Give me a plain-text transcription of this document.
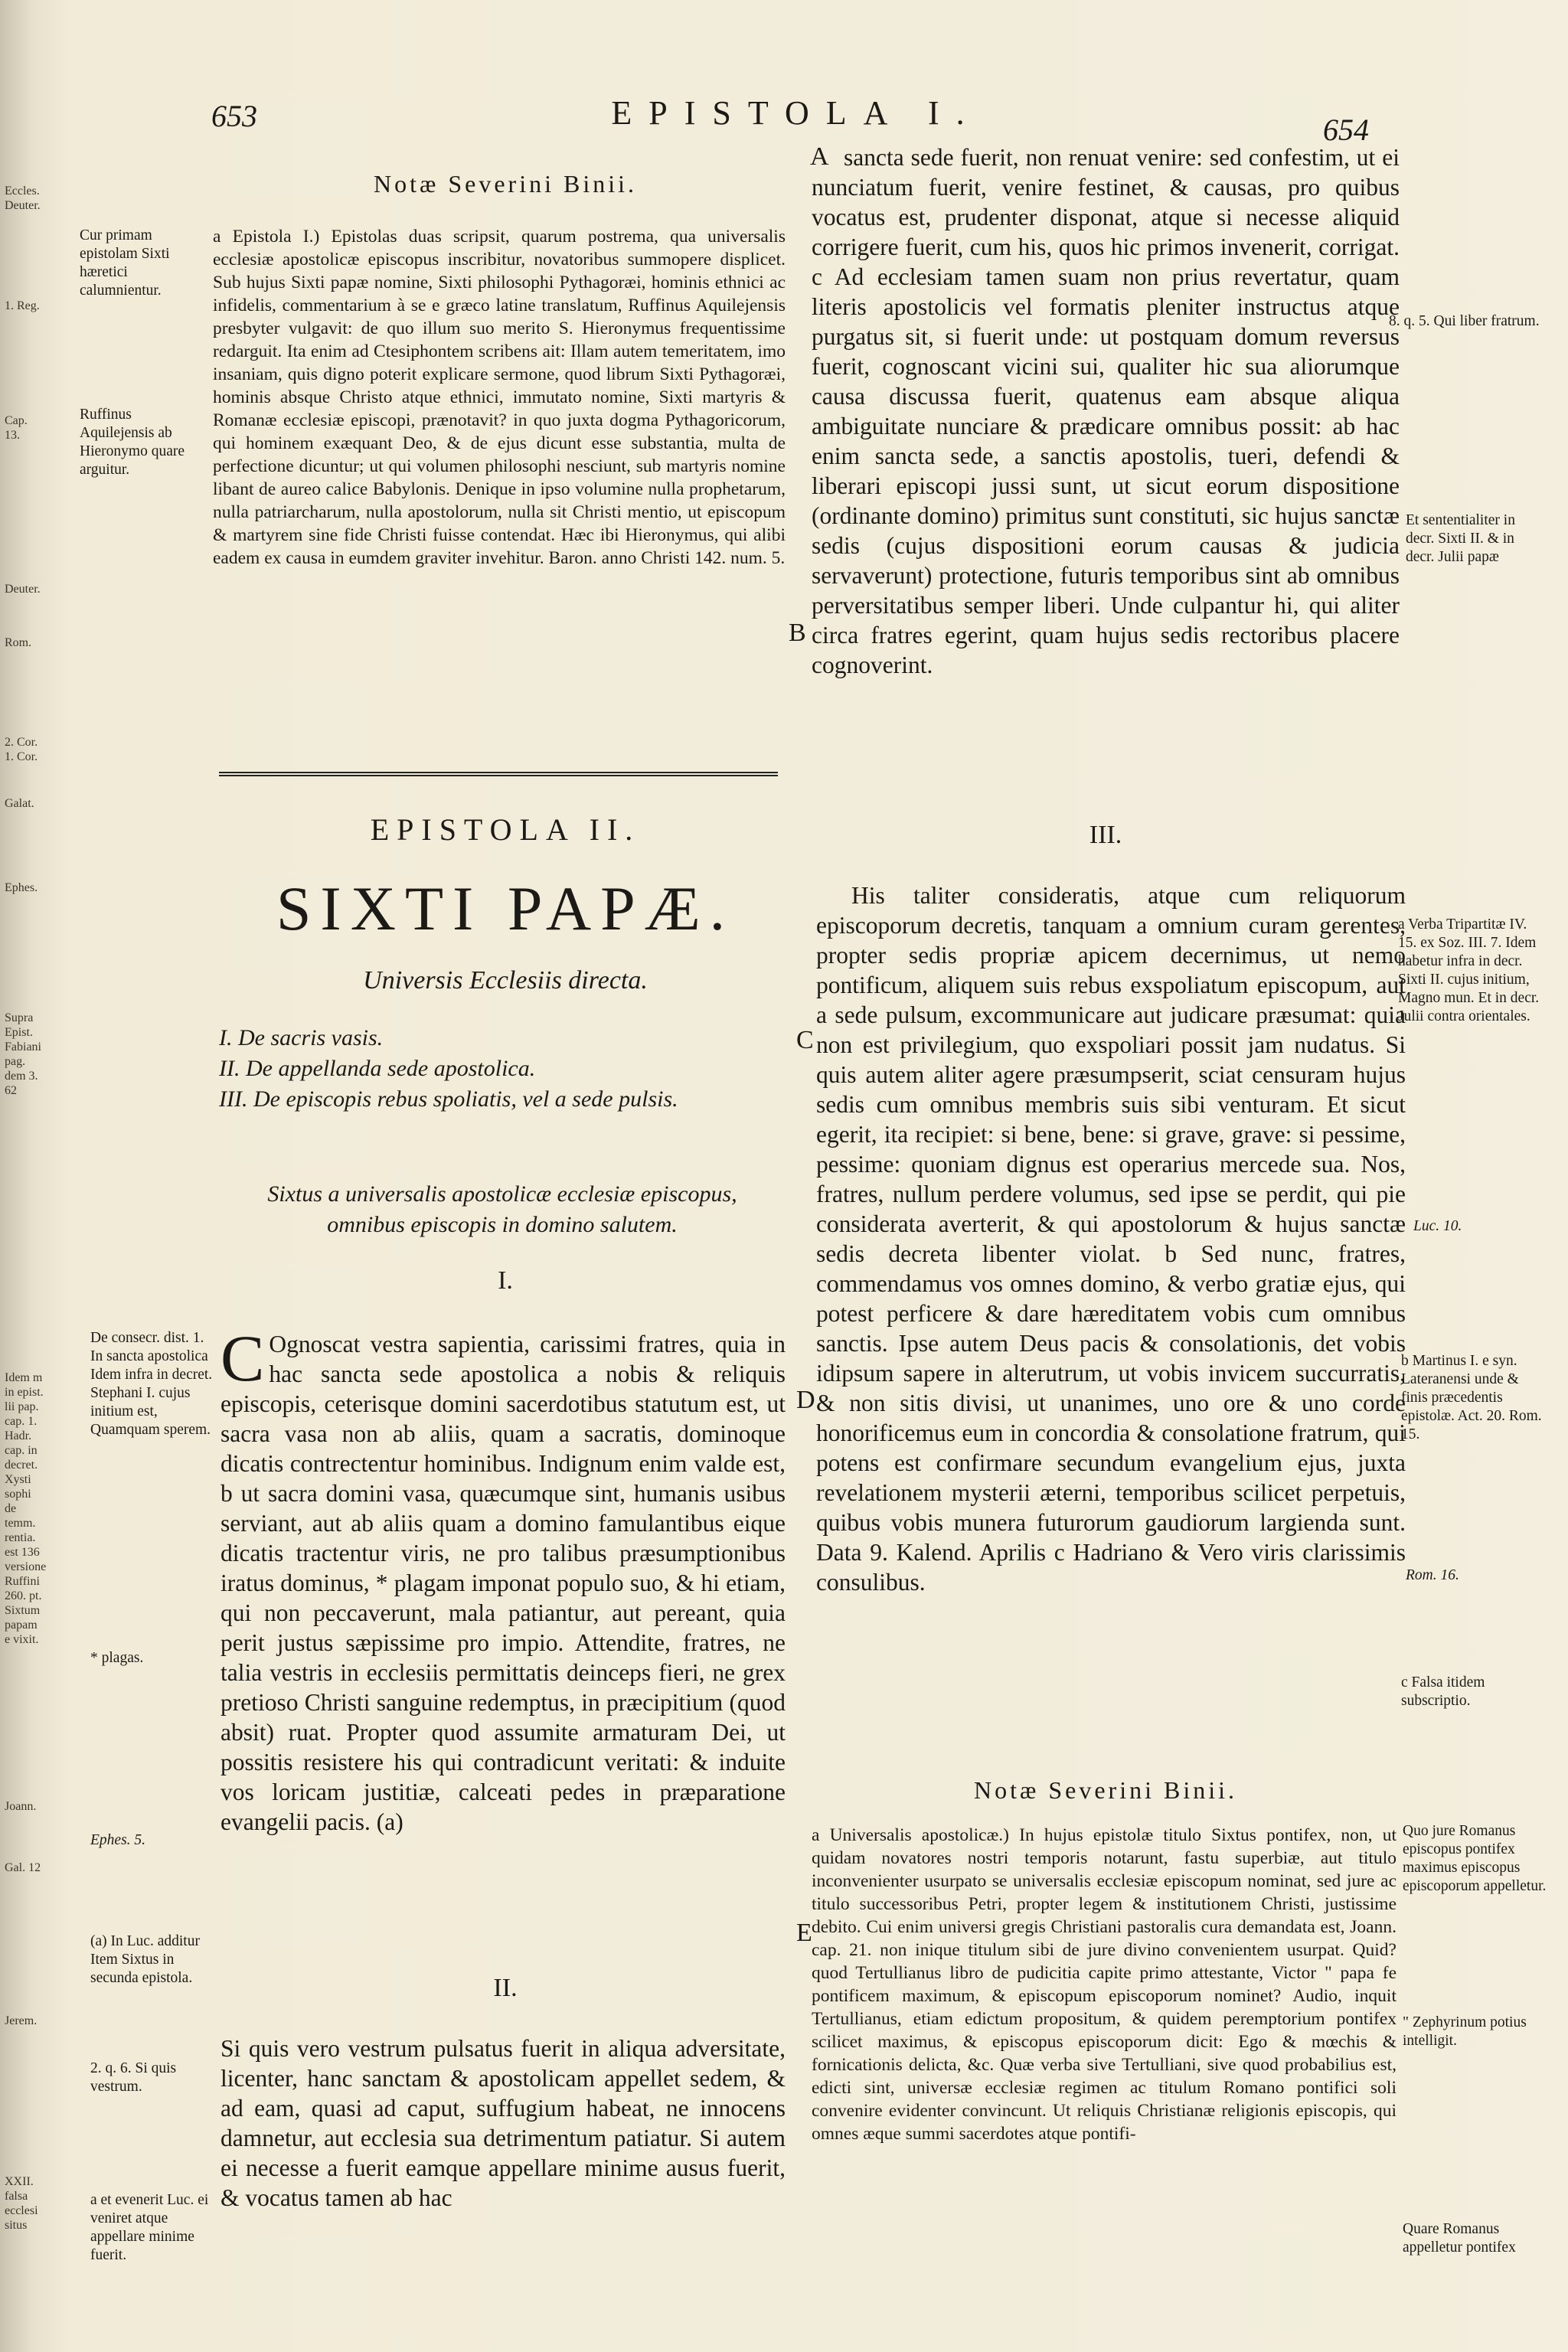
653	EPISTOLA I.	654
Eccles. Deuter.
1. Reg.
Cap. 13.
Deuter.
Rom.
2. Cor. 1. Cor.
Galat.
Ephes.
Supra Epist. Fabiani pag. dem 3. 62
Idem m in epist. lii pap. cap. 1. Hadr. cap. in decret. Xysti sophi de temm. rentia. est 136 versione Ruffini 260. pt. Sixtum papam e vixit.
Joann.
Gal. 12
Jerem.
XXII. falsa ecclesi situs
Notæ Severini Binii.
Cur primam epistolam Sixti hæretici calumnientur.
Ruffinus Aquilejensis ab Hieronymo quare arguitur.
a Epistola I.) Epistolas duas scripsit, quarum postrema, qua universalis ecclesiæ apostolicæ episcopus inscribitur, novatoribus summopere displicet. Sub hujus Sixti papæ nomine, Sixti philosophi Pythagoræi, hominis ethnici ac infidelis, commentarium à se e græco latine translatum, Ruffinus Aquilejensis presbyter vulgavit: de quo illum suo merito S. Hieronymus frequentissime redarguit. Ita enim ad Ctesiphontem scribens ait: Illam autem temeritatem, imo insaniam, quis digno poterit explicare sermone, quod librum Sixti Pythagoræi, hominis absque Christo atque ethnici, immutato nomine, Sixti martyris & Romanæ ecclesiæ episcopi, prænotavit? in quo juxta dogma Pythagoricorum, qui hominem exæquant Deo, & de ejus dicunt esse substantia, multa de perfectione dicuntur; ut qui volumen philosophi nesciunt, sub martyris nomine libant de aureo calice Babylonis. Denique in ipso volumine nulla prophetarum, nulla patriarcharum, nulla apostolorum, nulla sit Christi mentio, ut episcopum & martyrem sine fide Christi fuisse contendat. Hæc ibi Hieronymus, qui alibi eadem ex causa in eumdem graviter invehitur. Baron. anno Christi 142. num. 5.
EPISTOLA II.
SIXTI PAPÆ.
Universis Ecclesiis directa.
I. De sacris vasis.
II. De appellanda sede apostolica.
III. De episcopis rebus spoliatis, vel a sede pulsis.
Sixtus a universalis apostolicæ ecclesiæ episcopus, omnibus episcopis in domino salutem.
I.
C Ognoscat vestra sapientia, carissimi fratres, quia in hac sancta sede apostolica a nobis & reliquis episcopis, ceterisque domini sacerdotibus statutum est, ut sacra vasa non ab aliis, quam a sacratis, dominoque dicatis contrectentur hominibus. Indignum enim valde est, b ut sacra domini vasa, quæcumque sint, humanis usibus serviant, aut ab aliis quam a domino famulantibus eique dicatis tractentur viris, ne pro talibus præsumptionibus iratus dominus, * plagam imponat populo suo, & hi etiam, qui non peccaverunt, mala patiantur, aut pereant, quia perit justus sæpissime pro impio. Attendite, fratres, ne talia vestris in ecclesiis permittatis deinceps fieri, ne grex pretioso Christi sanguine redemptus, in præcipitium (quod absit) ruat. Propter quod assumite armaturam Dei, ut possitis resistere his qui contradicunt veritati: & induite vos loricam justitiæ, calceati pedes in præparatione evangelii pacis. (a)
De consecr. dist. 1. In sancta apostolica Idem infra in decret. Stephani I. cujus initium est, Quamquam sperem.
* plagas.
Ephes. 5.
(a) In Luc. additur Item Sixtus in secunda epistola.
2. q. 6. Si quis vestrum.
a et evenerit Luc. ei veniret atque appellare minime fuerit.
II.
Si quis vero vestrum pulsatus fuerit in aliqua adversitate, licenter, hanc sanctam & apostolicam appellet sedem, & ad eam, quasi ad caput, suffugium habeat, ne innocens damnetur, aut ecclesia sua detrimentum patiatur. Si autem ei necesse a fuerit eamque appellare minime ausus fuerit, & vocatus tamen ab hac
A sancta sede fuerit, non renuat venire: sed confestim, ut ei nunciatum fuerit, venire festinet, & causas, pro quibus vocatus est, prudenter disponat, atque si necesse aliquid corrigere fuerit, cum his, quos hic primos invenerit, corrigat. c Ad ecclesiam tamen suam non prius revertatur, quam literis apostolicis vel formatis pleniter instructus atque purgatus sit, si fuerit unde: ut postquam domum reversus fuerit, cognoscant vicini sui, qualiter hic sua aliorumque causa discussa fuerit, quatenus eam absque aliqua ambiguitate nunciare & prædicare omnibus possit: ab hac enim sancta sede, a sanctis apostolis, tueri, defendi & liberari episcopi jussi sunt, ut sicut eorum dispositione (ordinante domino) primitus sunt constituti, sic hujus sanctæ sedis (cujus dispositioni eorum causas & judicia servaverunt) protectione, futuris temporibus sint ab omnibus perversitatibus semper liberi. Unde culpantur hi, qui aliter circa fratres egerint, quam hujus sedis rectoribus placere cognoverint.
B
8. q. 5. Qui liber fratrum.
Et sententialiter in decr. Sixti II. & in decr. Julii papæ
III.
His taliter consideratis, atque cum reliquorum episcoporum decretis, tanquam a omnium curam gerentes, propter sedis propriæ apicem decernimus, ut nemo pontificum, aliquem suis rebus exspoliatum episcopum, aut a sede pulsum, excommunicare aut judicare præsumat: quia non est privilegium, quo exspoliari possit jam nudatus. Si quis autem aliter agere præsumpserit, sciat censuram hujus sedis cum omnibus membris suis sibi venturam. Et sicut egerit, ita recipiet: si bene, bene: si grave, grave: si pessime, pessime: quoniam dignus est operarius mercede sua. Nos, fratres, nullum perdere volumus, sed ipse se perdit, qui pie considerata averterit, & qui apostolorum & hujus sanctæ sedis decreta libenter violat. b Sed nunc, fratres, commendamus vos omnes domino, & verbo gratiæ ejus, qui potest perficere & dare hæreditatem vobis cum omnibus sanctis. Ipse autem Deus pacis & consolationis, det vobis idipsum sapere in alterutrum, ut vobis invicem succurratis, & non sitis divisi, ut unanimes, uno ore & uno corde honorificemus eum in concordia & consolatione fratrum, qui potens est confirmare secundum evangelium ejus, juxta revelationem mysterii æterni, temporibus scilicet perpetuis, quibus vobis munera futurorum gaudiorum largienda sunt. Data 9. Kalend. Aprilis c Hadriano & Vero viris clarissimis consulibus.
C
D
a Verba Tripartitæ IV. 15. ex Soz. III. 7. Idem habetur infra in decr. Sixti II. cujus initium, Magno mun. Et in decr. Julii contra orientales.
Luc. 10.
b Martinus I. e syn. Lateranensi unde & finis præcedentis epistolæ. Act. 20. Rom. 15.
Rom. 16.
c Falsa itidem subscriptio.
Notæ Severini Binii.
a Universalis apostolicæ.) In hujus epistolæ titulo Sixtus pontifex, non, ut quidam novatores nostri temporis notarunt, fastu superbiæ, aut titulo inconvenienter usurpato se universalis ecclesiæ episcopum nominat, sed jure ac titulo successoribus Petri, propter legem & institutionem Christi, justissime debito. Cui enim universi gregis Christiani pastoralis cura demandata est, Joann. cap. 21. non inique titulum sibi de jure divino convenientem usurpat. Quid? quod Tertullianus libro de pudicitia capite primo attestante, Victor " papa fe pontificem maximum, & episcopum episcoporum nominet? Audio, inquit Tertullianus, etiam edictum propositum, & quidem peremptorium pontifex scilicet maximus, & episcopus episcoporum dicit: Ego & mœchis & fornicationis delicta, &c. Quæ verba sive Tertulliani, sive quod probabilius est, edicti sint, universæ ecclesiæ regimen ac titulum Romano pontifici soli convenire evidenter convincunt. Ut reliquis Christianæ religionis episcopis, qui omnes æque summi sacerdotes atque pontifi-
E
Quo jure Romanus episcopus pontifex maximus episcopus episcoporum appelletur.
" Zephyrinum potius intelligit.
Quare Romanus appelletur pontifex
